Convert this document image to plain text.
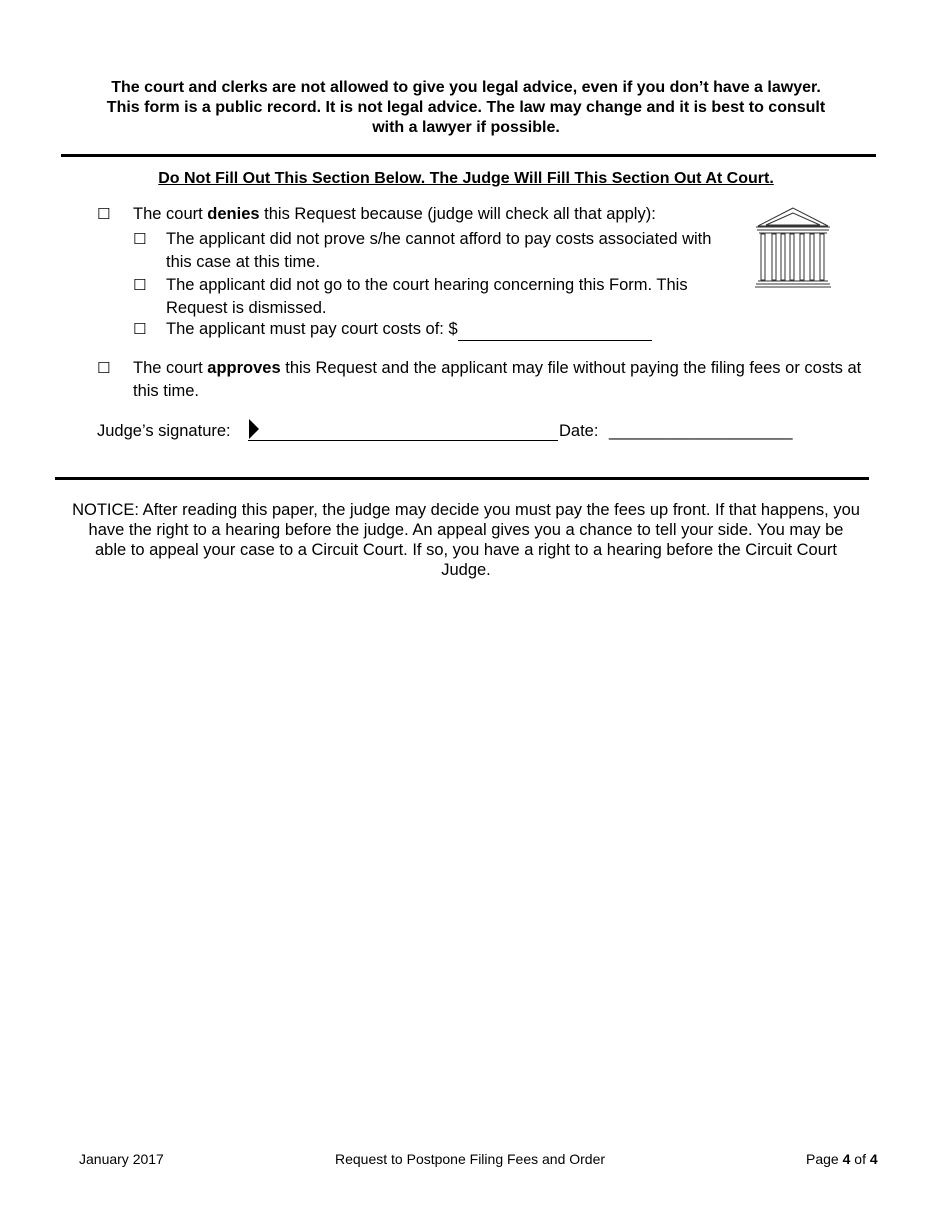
The court and clerks are not allowed to give you legal advice, even if you don’t have a lawyer.
This form is a public record. It is not legal advice. The law may change and it is best to consult
with a lawyer if possible.
Do Not Fill Out This Section Below. The Judge Will Fill This Section Out At Court.
☐ The court denies this Request because (judge will check all that apply):
☐ The applicant did not prove s/he cannot afford to pay costs associated with
this case at this time.
☐ The applicant did not go to the court hearing concerning this Form. This
Request is dismissed.
☐ The applicant must pay court costs of: $
☐ The court approves this Request and the applicant may file without paying the filing fees or costs at
this time.
Judge’s signature:	Date: ____________________
NOTICE: After reading this paper, the judge may decide you must pay the fees up front. If that happens, you
have the right to a hearing before the judge. An appeal gives you a chance to tell your side. You may be
able to appeal your case to a Circuit Court. If so, you have a right to a hearing before the Circuit Court
Judge.
January 2017	Request to Postpone Filing Fees and Order	Page 4 of 4
